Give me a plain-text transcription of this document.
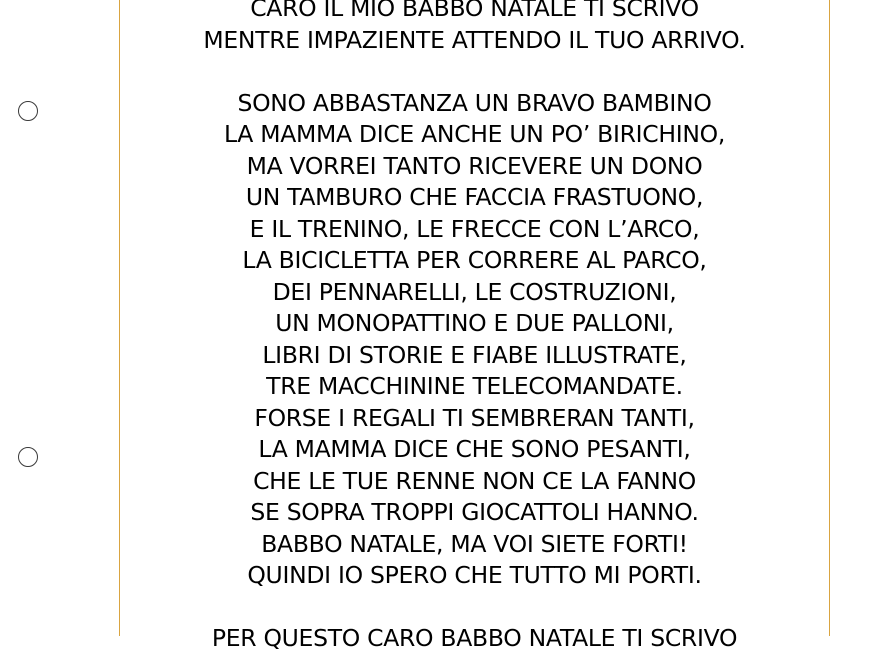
CARO IL MIO BABBO NATALE TI SCRIVO
MENTRE IMPAZIENTE ATTENDO IL TUO ARRIVO.
SONO ABBASTANZA UN BRAVO BAMBINO
LA MAMMA DICE ANCHE UN PO’ BIRICHINO,
MA VORREI TANTO RICEVERE UN DONO
UN TAMBURO CHE FACCIA FRASTUONO,
E IL TRENINO, LE FRECCE CON L’ARCO,
LA BICICLETTA PER CORRERE AL PARCO,
DEI PENNARELLI, LE COSTRUZIONI,
UN MONOPATTINO E DUE PALLONI,
LIBRI DI STORIE E FIABE ILLUSTRATE,
TRE MACCHININE TELECOMANDATE.
FORSE I REGALI TI SEMBRERAN TANTI,
LA MAMMA DICE CHE SONO PESANTI,
CHE LE TUE RENNE NON CE LA FANNO
SE SOPRA TROPPI GIOCATTOLI HANNO.
BABBO NATALE, MA VOI SIETE FORTI!
QUINDI IO SPERO CHE TUTTO MI PORTI.
PER QUESTO CARO BABBO NATALE TI SCRIVO
